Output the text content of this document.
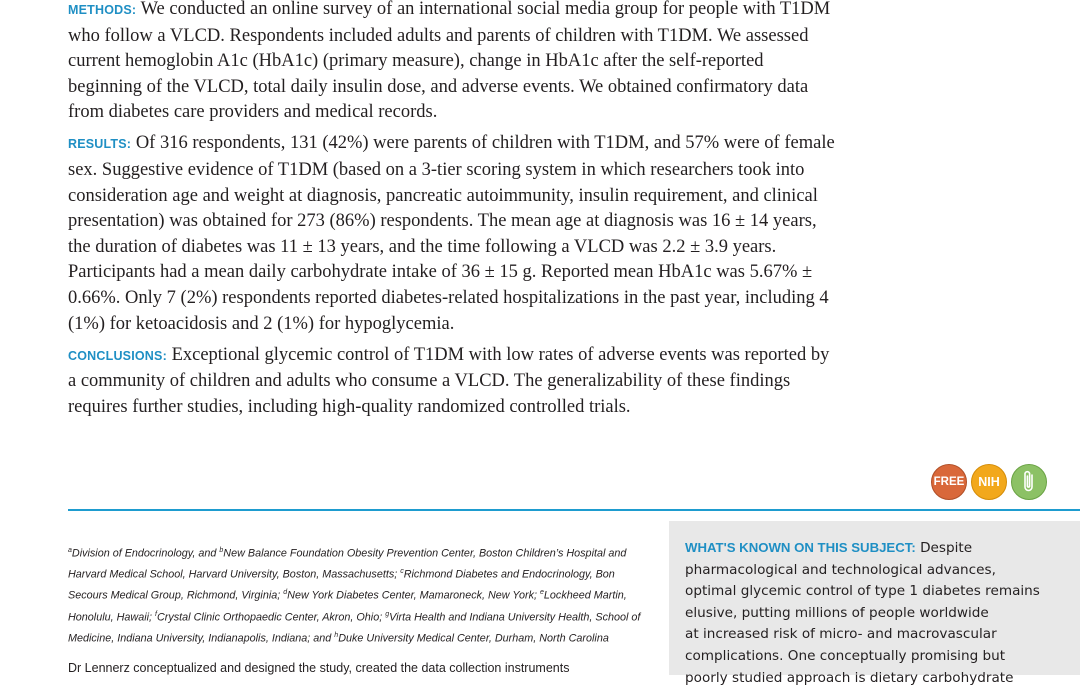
METHODS: We conducted an online survey of an international social media group for people with T1DM who follow a VLCD. Respondents included adults and parents of children with T1DM. We assessed current hemoglobin A1c (HbA1c) (primary measure), change in HbA1c after the self-reported beginning of the VLCD, total daily insulin dose, and adverse events. We obtained confirmatory data from diabetes care providers and medical records.

RESULTS: Of 316 respondents, 131 (42%) were parents of children with T1DM, and 57% were of female sex. Suggestive evidence of T1DM (based on a 3-tier scoring system in which researchers took into consideration age and weight at diagnosis, pancreatic autoimmunity, insulin requirement, and clinical presentation) was obtained for 273 (86%) respondents. The mean age at diagnosis was 16 ± 14 years, the duration of diabetes was 11 ± 13 years, and the time following a VLCD was 2.2 ± 3.9 years. Participants had a mean daily carbohydrate intake of 36 ± 15 g. Reported mean HbA1c was 5.67% ± 0.66%. Only 7 (2%) respondents reported diabetes-related hospitalizations in the past year, including 4 (1%) for ketoacidosis and 2 (1%) for hypoglycemia.

CONCLUSIONS: Exceptional glycemic control of T1DM with low rates of adverse events was reported by a community of children and adults who consume a VLCD. The generalizability of these findings requires further studies, including high-quality randomized controlled trials.

FREE NIH
$^a$Division of Endocrinology, and $^b$New Balance Foundation Obesity Prevention Center, Boston Children’s Hospital and Harvard Medical School, Harvard University, Boston, Massachusetts; $^c$Richmond Diabetes and Endocrinology, Bon Secours Medical Group, Richmond, Virginia; $^d$New York Diabetes Center, Mamaroneck, New York; $^e$Lockheed Martin, Honolulu, Hawaii; $^f$Crystal Clinic Orthopaedic Center, Akron, Ohio; $^g$Virta Health and Indiana University Health, School of Medicine, Indiana University, Indianapolis, Indiana; and $^h$Duke University Medical Center, Durham, North Carolina
Dr Lennerz conceptualized and designed the study, created the data collection instruments
WHAT'S KNOWN ON THIS SUBJECT: Despite
pharmacological and technological advances,
optimal glycemic control of type 1 diabetes remains
elusive, putting millions of people worldwide
at increased risk of micro- and macrovascular
complications. One conceptually promising but
poorly studied approach is dietary carbohydrate
